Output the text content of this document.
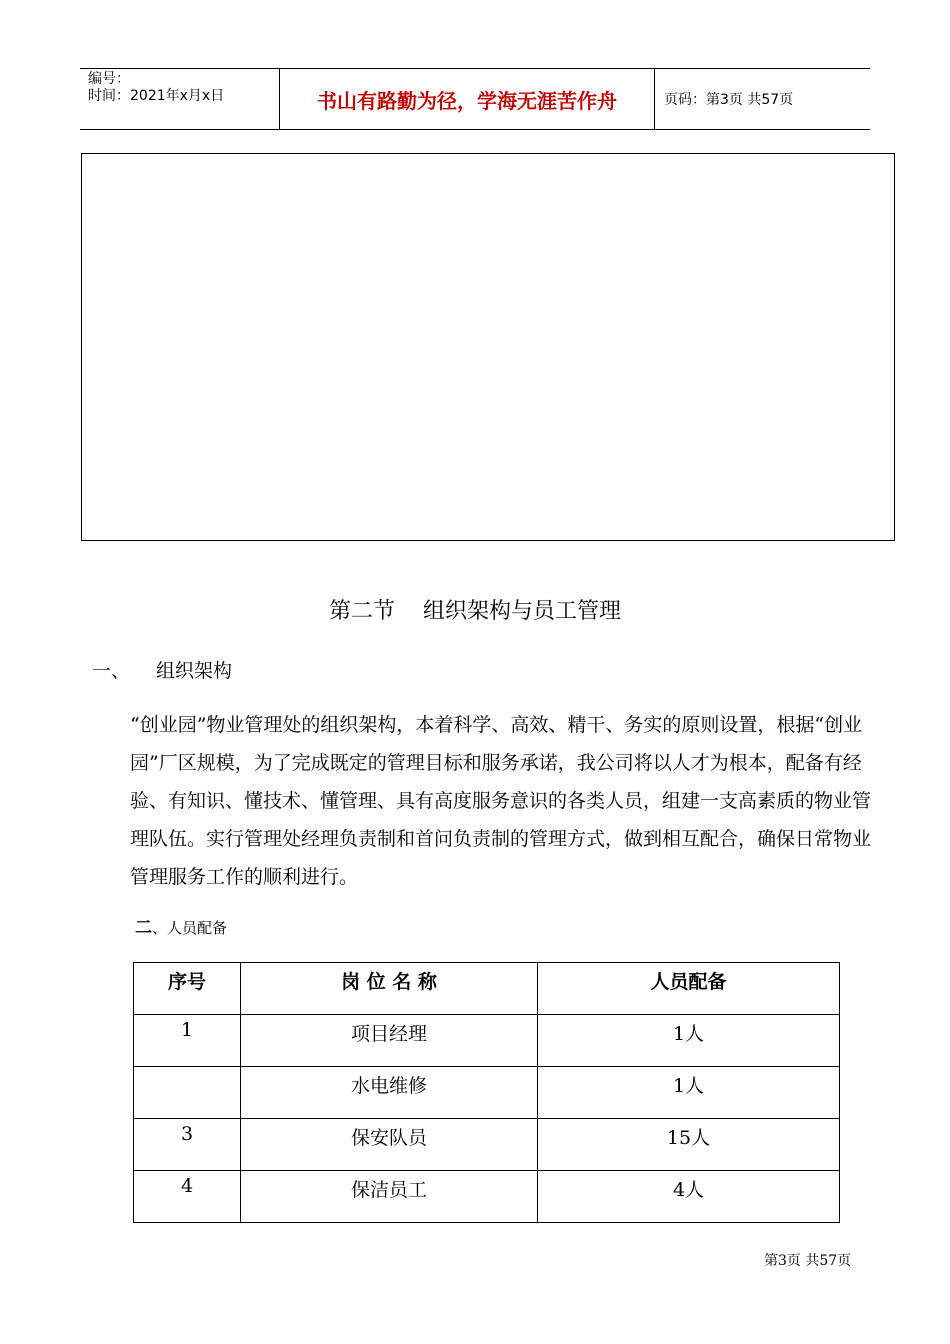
编号：
时间：2021年x月x日	书山有路勤为径，学海无涯苦作舟	页码：第3页 共57页
第二节    组织架构与员工管理
一、 组织架构

“创业园”物业管理处的组织架构，本着科学、高效、精干、务实的原则设置，根据“创业园”厂区规模，为了完成既定的管理目标和服务承诺，我公司将以人才为根本，配备有经验、有知识、懂技术、懂管理、具有高度服务意识的各类人员，组建一支高素质的物业管理队伍。实行管理处经理负责制和首问负责制的管理方式，做到相互配合，确保日常物业管理服务工作的顺利进行。

二、人员配备
序号	岗 位 名 称	人员配备
1	项目经理	1人
	水电维修	1人
3	保安队员	15人
4	保洁员工	4人
第3页 共57页
